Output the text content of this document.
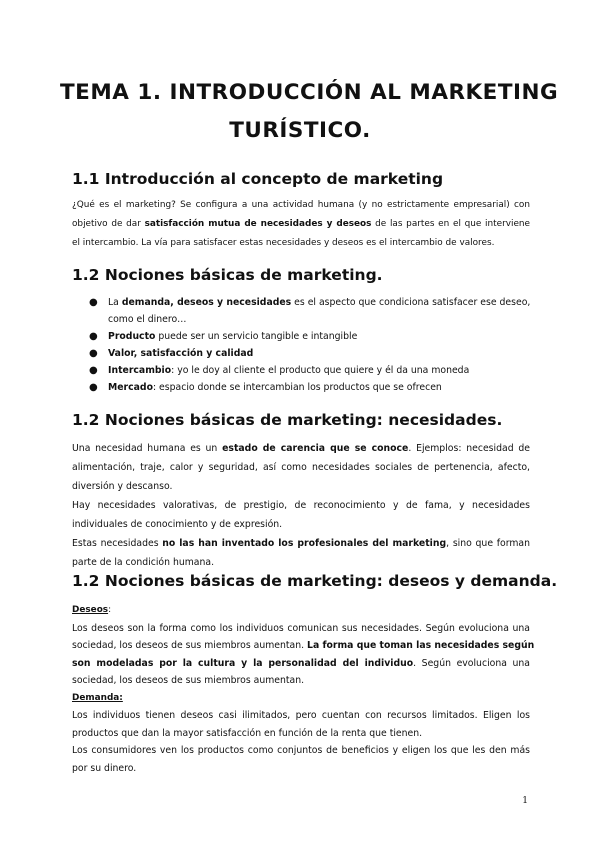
TEMA 1. INTRODUCCIÓN AL MARKETING
TURÍSTICO.
1.1 Introducción al concepto de marketing
¿Qué es el marketing? Se configura a una actividad humana (y no estrictamente empresarial) con
objetivo de dar satisfacción mutua de necesidades y deseos de las partes en el que interviene
el intercambio. La vía para satisfacer estas necesidades y deseos es el intercambio de valores.
1.2 Nociones básicas de marketing.
● La demanda, deseos y necesidades es el aspecto que condiciona satisfacer ese deseo,
como el dinero…
● Producto puede ser un servicio tangible e intangible
● Valor, satisfacción y calidad
● Intercambio: yo le doy al cliente el producto que quiere y él da una moneda
● Mercado: espacio donde se intercambian los productos que se ofrecen
1.2 Nociones básicas de marketing: necesidades.
Una necesidad humana es un estado de carencia que se conoce. Ejemplos: necesidad de
alimentación, traje, calor y seguridad, así como necesidades sociales de pertenencia, afecto,
diversión y descanso.
Hay necesidades valorativas, de prestigio, de reconocimiento y de fama, y necesidades
individuales de conocimiento y de expresión.
Estas necesidades no las han inventado los profesionales del marketing, sino que forman
parte de la condición humana.
1.2 Nociones básicas de marketing: deseos y demanda.
Deseos:
Los deseos son la forma como los individuos comunican sus necesidades. Según evoluciona una
sociedad, los deseos de sus miembros aumentan. La forma que toman las necesidades según
son modeladas por la cultura y la personalidad del individuo. Según evoluciona una
sociedad, los deseos de sus miembros aumentan.
Demanda:
Los individuos tienen deseos casi ilimitados, pero cuentan con recursos limitados. Eligen los
productos que dan la mayor satisfacción en función de la renta que tienen.
Los consumidores ven los productos como conjuntos de beneficios y eligen los que les den más
por su dinero.
1
